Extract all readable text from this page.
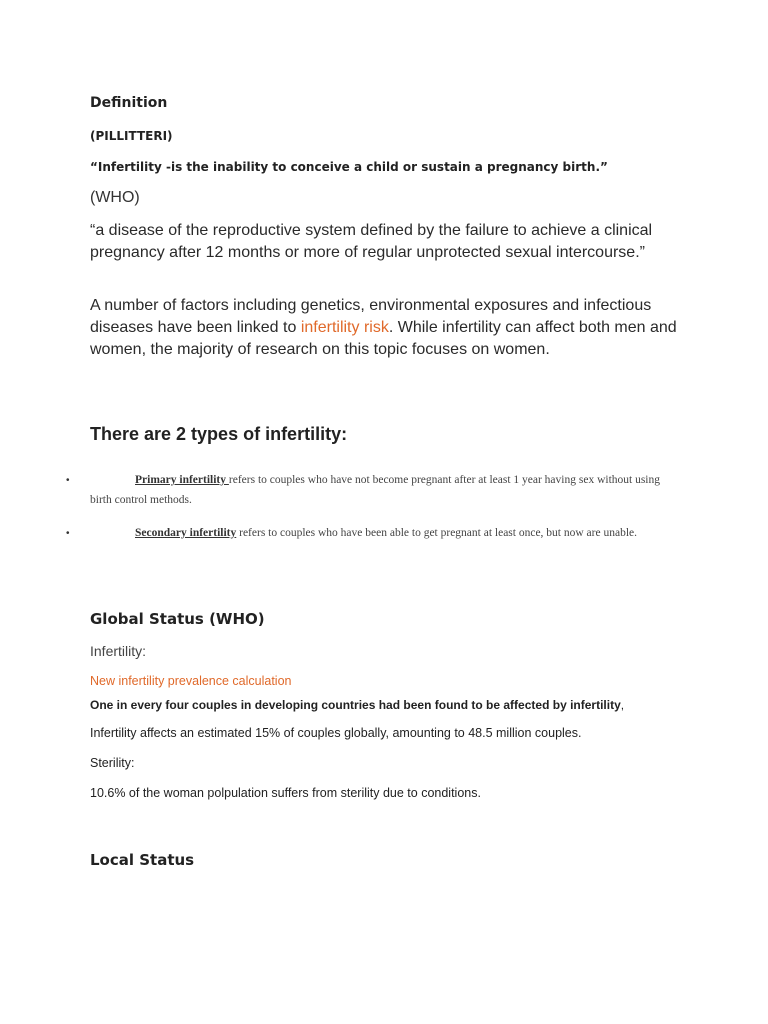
Definition

(PILLITTERI)

“Infertility -is the inability to conceive a child or sustain a pregnancy birth.”

(WHO)

“a disease of the reproductive system defined by the failure to achieve a clinical pregnancy after 12 months or more of regular unprotected sexual intercourse.”

A number of factors including genetics, environmental exposures and infectious diseases have been linked to infertility risk. While infertility can affect both men and women, the majority of research on this topic focuses on women.

There are 2 types of infertility:
•	Primary infertility refers to couples who have not become pregnant after at least 1 year having sex without using birth control methods.

•	Secondary infertility refers to couples who have been able to get pregnant at least once, but now are unable.

Global Status (WHO)

Infertility:

New infertility prevalence calculation

One in every four couples in developing countries had been found to be affected by infertility,

Infertility affects an estimated 15% of couples globally, amounting to 48.5 million couples.

Sterility:

10.6% of the woman polpulation suffers from sterility due to conditions.

Local Status
